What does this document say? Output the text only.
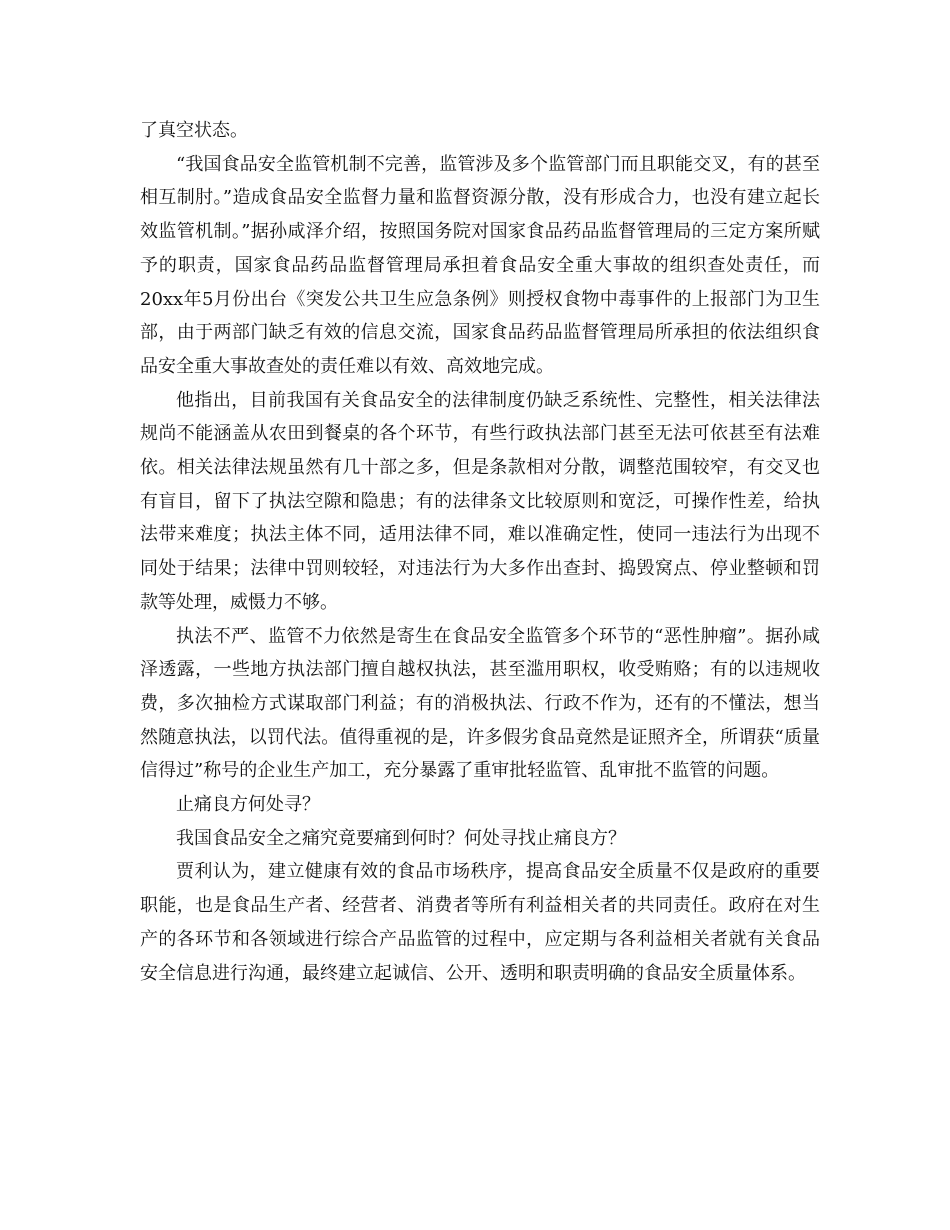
了真空状态。

“我国食品安全监管机制不完善，监管涉及多个监管部门而且职能交叉，有的甚至相互制肘。”造成食品安全监督力量和监督资源分散，没有形成合力，也没有建立起长效监管机制。”据孙咸泽介绍，按照国务院对国家食品药品监督管理局的三定方案所赋予的职责，国家食品药品监督管理局承担着食品安全重大事故的组织查处责任，而20xx年5月份出台《突发公共卫生应急条例》则授权食物中毒事件的上报部门为卫生部，由于两部门缺乏有效的信息交流，国家食品药品监督管理局所承担的依法组织食品安全重大事故查处的责任难以有效、高效地完成。

他指出，目前我国有关食品安全的法律制度仍缺乏系统性、完整性，相关法律法规尚不能涵盖从农田到餐桌的各个环节，有些行政执法部门甚至无法可依甚至有法难依。相关法律法规虽然有几十部之多，但是条款相对分散，调整范围较窄，有交叉也有盲目，留下了执法空隙和隐患；有的法律条文比较原则和宽泛，可操作性差，给执法带来难度；执法主体不同，适用法律不同，难以准确定性，使同一违法行为出现不同处于结果；法律中罚则较轻，对违法行为大多作出查封、捣毁窝点、停业整顿和罚款等处理，威慑力不够。

执法不严、监管不力依然是寄生在食品安全监管多个环节的“恶性肿瘤”。据孙咸泽透露，一些地方执法部门擅自越权执法，甚至滥用职权，收受贿赂；有的以违规收费，多次抽检方式谋取部门利益；有的消极执法、行政不作为，还有的不懂法，想当然随意执法，以罚代法。值得重视的是，许多假劣食品竟然是证照齐全，所谓获“质量信得过”称号的企业生产加工，充分暴露了重审批轻监管、乱审批不监管的问题。

止痛良方何处寻？

我国食品安全之痛究竟要痛到何时？何处寻找止痛良方？

贾利认为，建立健康有效的食品市场秩序，提高食品安全质量不仅是政府的重要职能，也是食品生产者、经营者、消费者等所有利益相关者的共同责任。政府在对生产的各环节和各领域进行综合产品监管的过程中，应定期与各利益相关者就有关食品安全信息进行沟通，最终建立起诚信、公开、透明和职责明确的食品安全质量体系。
